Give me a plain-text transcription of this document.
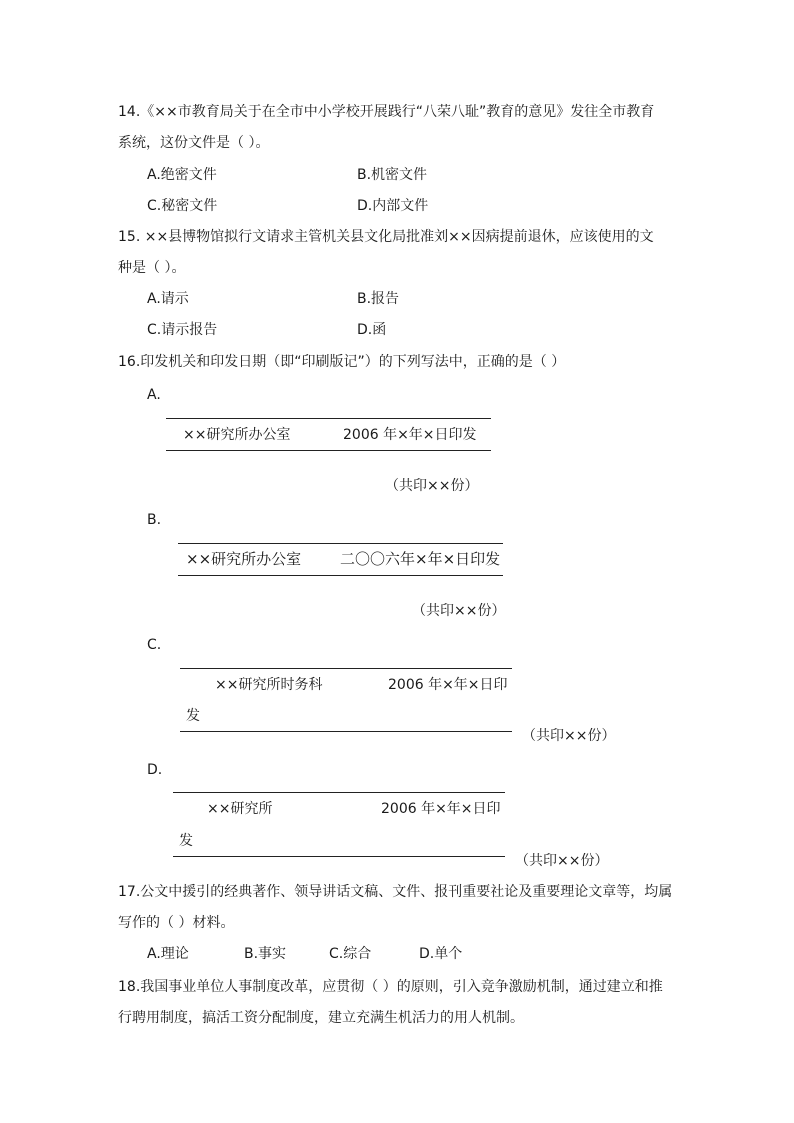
14.《××市教育局关于在全市中小学校开展践行“八荣八耻”教育的意见》发往全市教育
系统，这份文件是（ ）。
A.绝密文件	B.机密文件
C.秘密文件	D.内部文件
15. ××县博物馆拟行文请求主管机关县文化局批准刘××因病提前退休，应该使用的文
种是（ ）。
A.请示	B.报告
C.请示报告	D.函
16.印发机关和印发日期（即“印刷版记”）的下列写法中，正确的是（ ）
A.
××研究所办公室	2006 年×年×日印发
（共印××份）
B.
××研究所办公室	二〇〇六年×年×日印发
（共印××份）
C.
××研究所时务科	2006 年×年×日印
发
（共印××份）
D.
××研究所	2006 年×年×日印
发
（共印××份）
17.公文中援引的经典著作、领导讲话文稿、文件、报刊重要社论及重要理论文章等，均属
写作的（ ）材料。
A.理论	B.事实	C.综合	D.单个
18.我国事业单位人事制度改革，应贯彻（ ）的原则，引入竞争激励机制，通过建立和推
行聘用制度，搞活工资分配制度，建立充满生机活力的用人机制。
